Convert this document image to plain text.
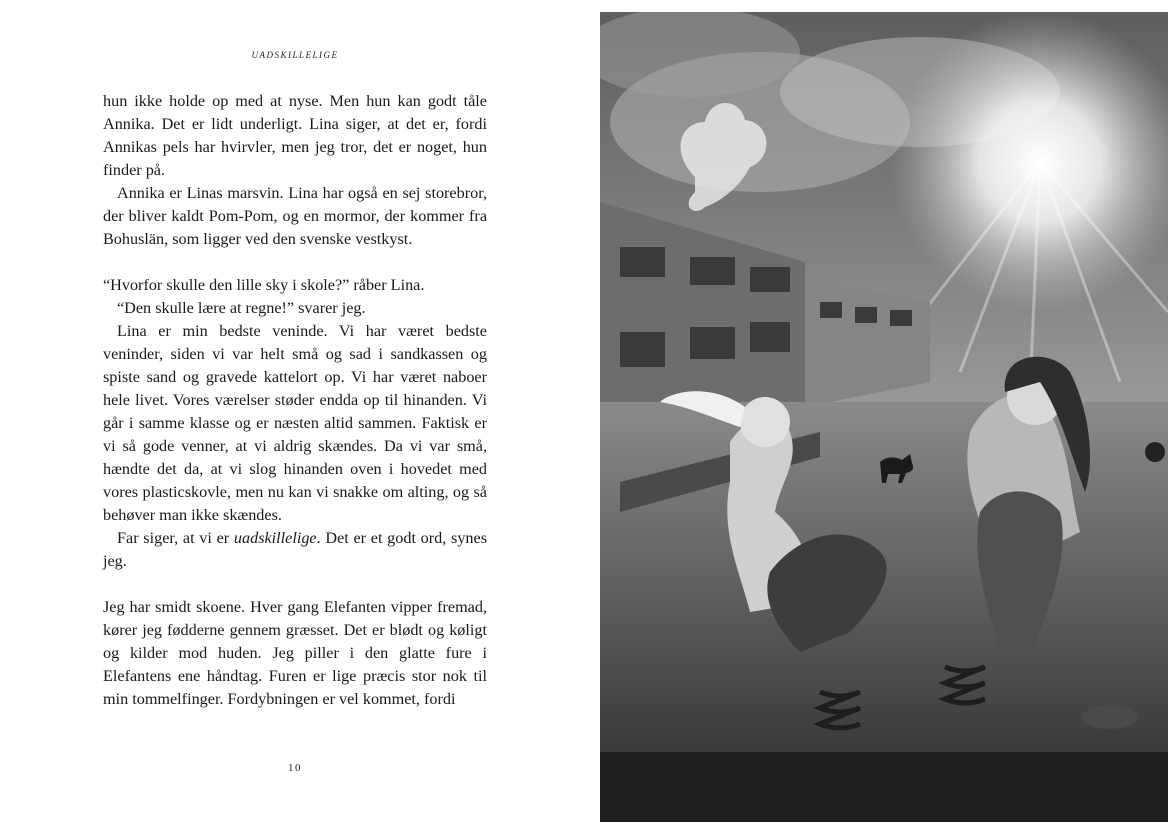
UADSKILLELIGE

hun ikke holde op med at nyse. Men hun kan godt tåle Annika. Det er lidt underligt. Lina siger, at det er, fordi Annikas pels har hvirvler, men jeg tror, det er noget, hun finder på.

Annika er Linas marsvin. Lina har også en sej storebror, der bliver kaldt Pom-Pom, og en mormor, der kommer fra Bohuslän, som ligger ved den svenske vestkyst.

“Hvorfor skulle den lille sky i skole?” råber Lina.

“Den skulle lære at regne!” svarer jeg.

Lina er min bedste veninde. Vi har været bedste veninder, siden vi var helt små og sad i sandkassen og spiste sand og gravede kattelort op. Vi har været naboer hele livet. Vores værelser støder endda op til hinanden. Vi går i samme klasse og er næsten altid sammen. Faktisk er vi så gode venner, at vi aldrig skændes. Da vi var små, hændte det da, at vi slog hinanden oven i hovedet med vores plasticskovle, men nu kan vi snakke om alting, og så behøver man ikke skændes.

Far siger, at vi er uadskillelige. Det er et godt ord, synes jeg.

Jeg har smidt skoene. Hver gang Elefanten vipper fremad, kører jeg fødderne gennem græsset. Det er blødt og køligt og kilder mod huden. Jeg piller i den glatte fure i Elefantens ene håndtag. Furen er lige præcis stor nok til min tommelfinger. Fordybningen er vel kommet, fordi

10
